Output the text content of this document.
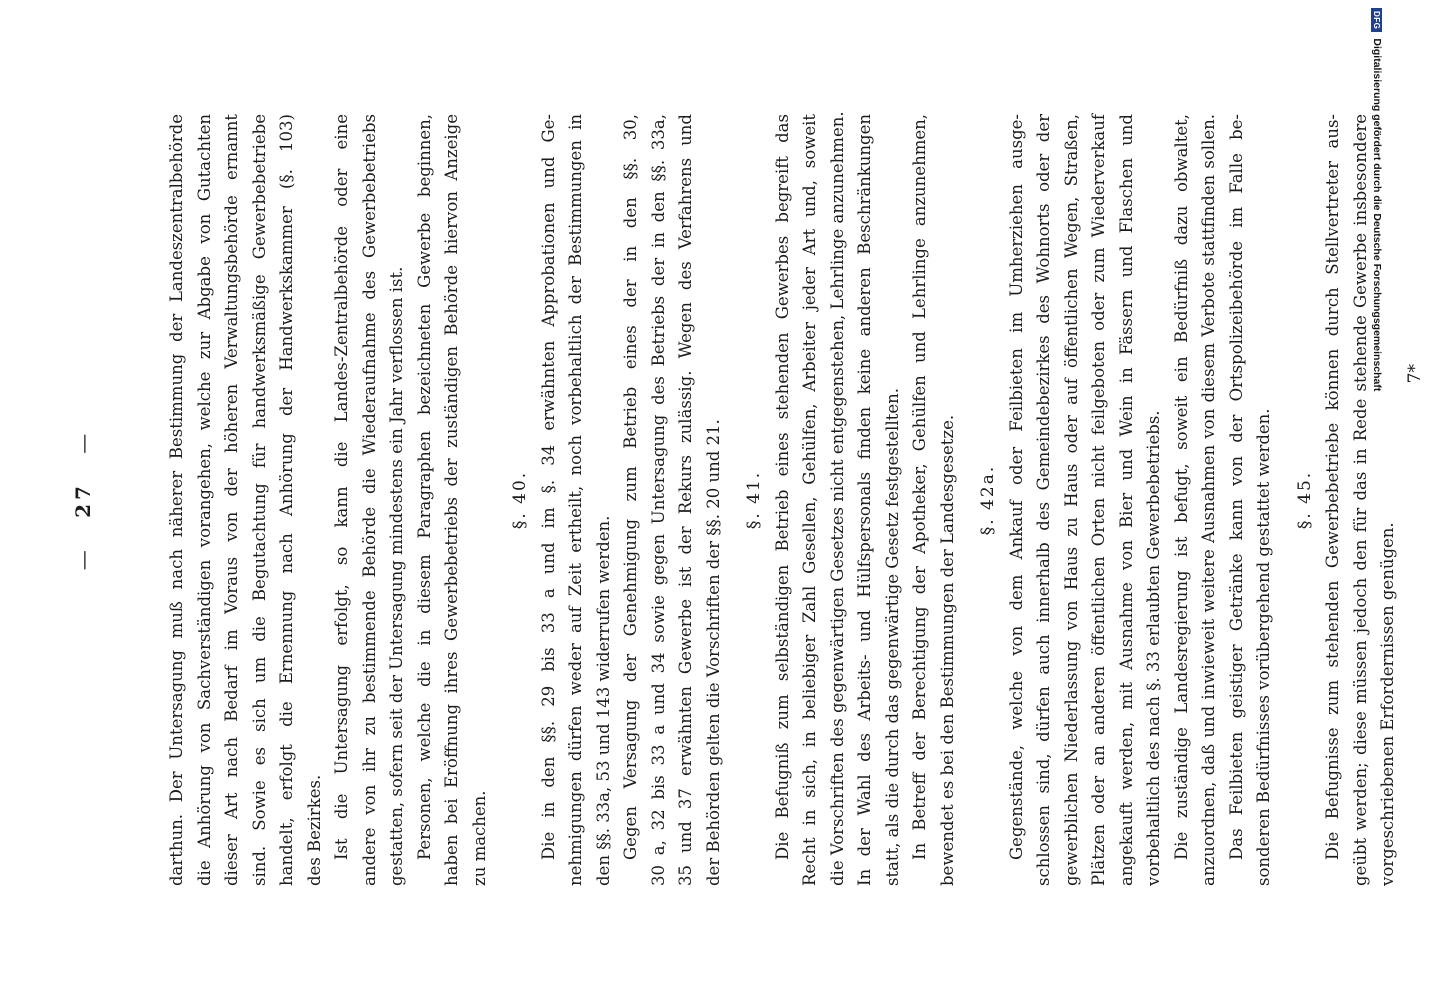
— 27 —	darthun. Der Untersagung muß nach näherer Bestimmung der Landeszentralbehörde die Anhörung von Sachverständigen vorangehen, welche zur Abgabe von Gutachten dieser Art nach Bedarf im Voraus von der höheren Verwaltungsbehörde ernannt sind. Sowie es sich um die Begutachtung für handwerksmäßige Gewerbebetriebe handelt, erfolgt die Ernennung nach Anhörung der Handwerkskammer (§. 103) des Bezirkes. Ist die Untersagung erfolgt, so kann die Landes-Zentralbehörde oder eine andere von ihr zu bestimmende Behörde die Wiederaufnahme des Gewerbebetriebs gestatten, sofern seit der Untersagung mindestens ein Jahr verflossen ist. Personen, welche die in diesem Paragraphen bezeichneten Gewerbe beginnen, haben bei Eröffnung ihres Gewerbebetriebs der zuständigen Behörde hiervon Anzeige zu machen.
§. 40. Die in den §§. 29 bis 33 a und im §. 34 erwähnten Approbationen und Ge- nehmigungen dürfen weder auf Zeit ertheilt, noch vorbehaltlich der Bestimmungen in den §§. 33a, 53 und 143 widerrufen werden. Gegen Versagung der Genehmigung zum Betrieb eines der in den §§. 30, 30 a, 32 bis 33 a und 34 sowie gegen Untersagung des Betriebs der in den §§. 33a, 35 und 37 erwähnten Gewerbe ist der Rekurs zulässig. Wegen des Verfahrens und der Behörden gelten die Vorschriften der §§. 20 und 21. §. 41. Die Befugniß zum selbständigen Betrieb eines stehenden Gewerbes begreift das Recht in sich, in beliebiger Zahl Gesellen, Gehülfen, Arbeiter jeder Art und, soweit die Vorschriften des gegenwärtigen Gesetzes nicht entgegenstehen, Lehrlinge anzunehmen. In der Wahl des Arbeits- und Hülfspersonals finden keine anderen Beschränkungen statt, als die durch das gegenwärtige Gesetz festgestellten. In Betreff der Berechtigung der Apotheker, Gehülfen und Lehrlinge anzunehmen, bewendet es bei den Bestimmungen der Landesgesetze. §. 42a. Gegenstände, welche von dem Ankauf oder Feilbieten im Umherziehen ausge- schlossen sind, dürfen auch innerhalb des Gemeindebezirkes des Wohnorts oder der gewerblichen Niederlassung von Haus zu Haus oder auf öffentlichen Wegen, Straßen, Plätzen oder an anderen öffentlichen Orten nicht feilgeboten oder zum Wiederverkauf angekauft werden, mit Ausnahme von Bier und Wein in Fässern und Flaschen und vorbehaltlich des nach §. 33 erlaubten Gewerbebetriebs. Die zuständige Landesregierung ist befugt, soweit ein Bedürfniß dazu obwaltet, anzuordnen, daß und inwieweit weitere Ausnahmen von diesem Verbote stattfinden sollen. Das Feilbieten geistiger Getränke kann von der Ortspolizeibehörde im Falle be- sonderen Bedürfnisses vorübergehend gestattet werden. §. 45. Die Befugnisse zum stehenden Gewerbebetriebe können durch Stellvertreter aus- geübt werden; diese müssen jedoch den für das in Rede stehende Gewerbe insbesondere vorgeschriebenen Erfordernissen genügen.
7*
DFG
Digitalisierung gefördert durch die Deutsche Forschungsgemeinschaft
